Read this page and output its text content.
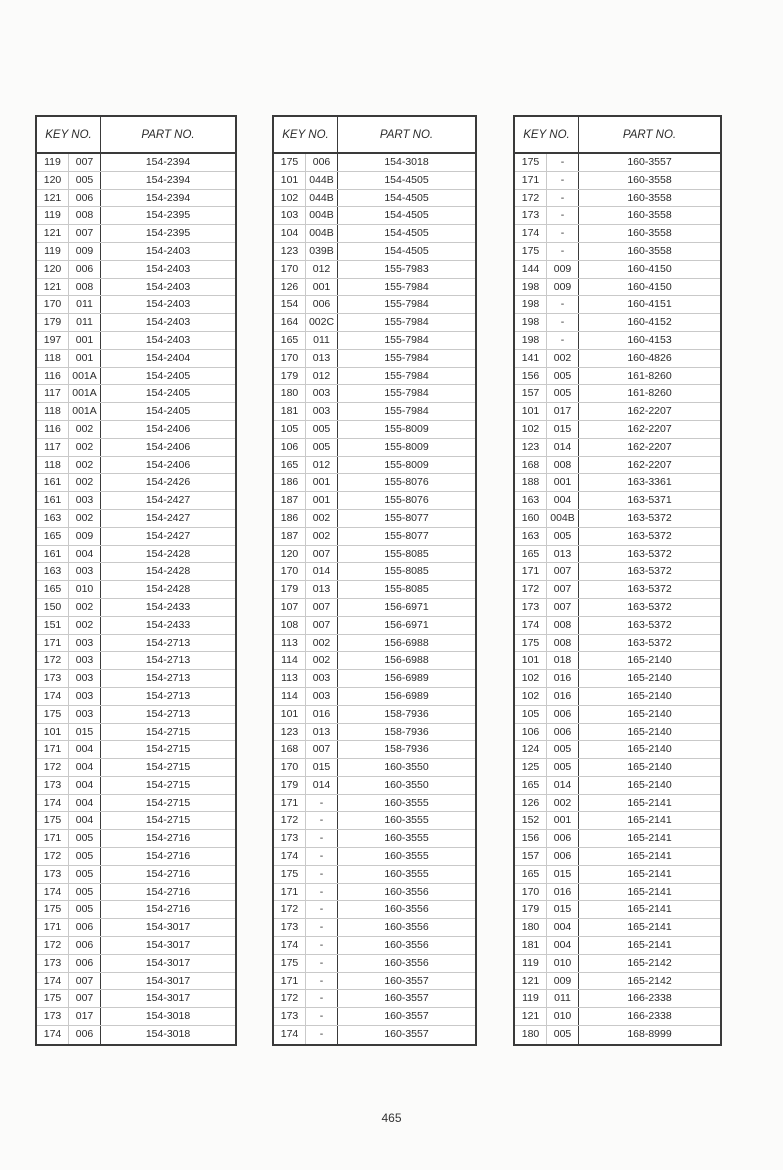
KEY NO.	PART NO.
119	007	154-2394
120	005	154-2394
121	006	154-2394
119	008	154-2395
121	007	154-2395
119	009	154-2403
120	006	154-2403
121	008	154-2403
170	011	154-2403
179	011	154-2403
197	001	154-2403
118	001	154-2404
116	001A	154-2405
117	001A	154-2405
118	001A	154-2405
116	002	154-2406
117	002	154-2406
118	002	154-2406
161	002	154-2426
161	003	154-2427
163	002	154-2427
165	009	154-2427
161	004	154-2428
163	003	154-2428
165	010	154-2428
150	002	154-2433
151	002	154-2433
171	003	154-2713
172	003	154-2713
173	003	154-2713
174	003	154-2713
175	003	154-2713
101	015	154-2715
171	004	154-2715
172	004	154-2715
173	004	154-2715
174	004	154-2715
175	004	154-2715
171	005	154-2716
172	005	154-2716
173	005	154-2716
174	005	154-2716
175	005	154-2716
171	006	154-3017
172	006	154-3017
173	006	154-3017
174	007	154-3017
175	007	154-3017
173	017	154-3018
174	006	154-3018
KEY NO.	PART NO.
175	006	154-3018
101	044B	154-4505
102	044B	154-4505
103	004B	154-4505
104	004B	154-4505
123	039B	154-4505
170	012	155-7983
126	001	155-7984
154	006	155-7984
164	002C	155-7984
165	011	155-7984
170	013	155-7984
179	012	155-7984
180	003	155-7984
181	003	155-7984
105	005	155-8009
106	005	155-8009
165	012	155-8009
186	001	155-8076
187	001	155-8076
186	002	155-8077
187	002	155-8077
120	007	155-8085
170	014	155-8085
179	013	155-8085
107	007	156-6971
108	007	156-6971
113	002	156-6988
114	002	156-6988
113	003	156-6989
114	003	156-6989
101	016	158-7936
123	013	158-7936
168	007	158-7936
170	015	160-3550
179	014	160-3550
171	-	160-3555
172	-	160-3555
173	-	160-3555
174	-	160-3555
175	-	160-3555
171	-	160-3556
172	-	160-3556
173	-	160-3556
174	-	160-3556
175	-	160-3556
171	-	160-3557
172	-	160-3557
173	-	160-3557
174	-	160-3557
KEY NO.	PART NO.
175	-	160-3557
171	-	160-3558
172	-	160-3558
173	-	160-3558
174	-	160-3558
175	-	160-3558
144	009	160-4150
198	009	160-4150
198	-	160-4151
198	-	160-4152
198	-	160-4153
141	002	160-4826
156	005	161-8260
157	005	161-8260
101	017	162-2207
102	015	162-2207
123	014	162-2207
168	008	162-2207
188	001	163-3361
163	004	163-5371
160	004B	163-5372
163	005	163-5372
165	013	163-5372
171	007	163-5372
172	007	163-5372
173	007	163-5372
174	008	163-5372
175	008	163-5372
101	018	165-2140
102	016	165-2140
102	016	165-2140
105	006	165-2140
106	006	165-2140
124	005	165-2140
125	005	165-2140
165	014	165-2140
126	002	165-2141
152	001	165-2141
156	006	165-2141
157	006	165-2141
165	015	165-2141
170	016	165-2141
179	015	165-2141
180	004	165-2141
181	004	165-2141
119	010	165-2142
121	009	165-2142
119	011	166-2338
121	010	166-2338
180	005	168-8999
465
